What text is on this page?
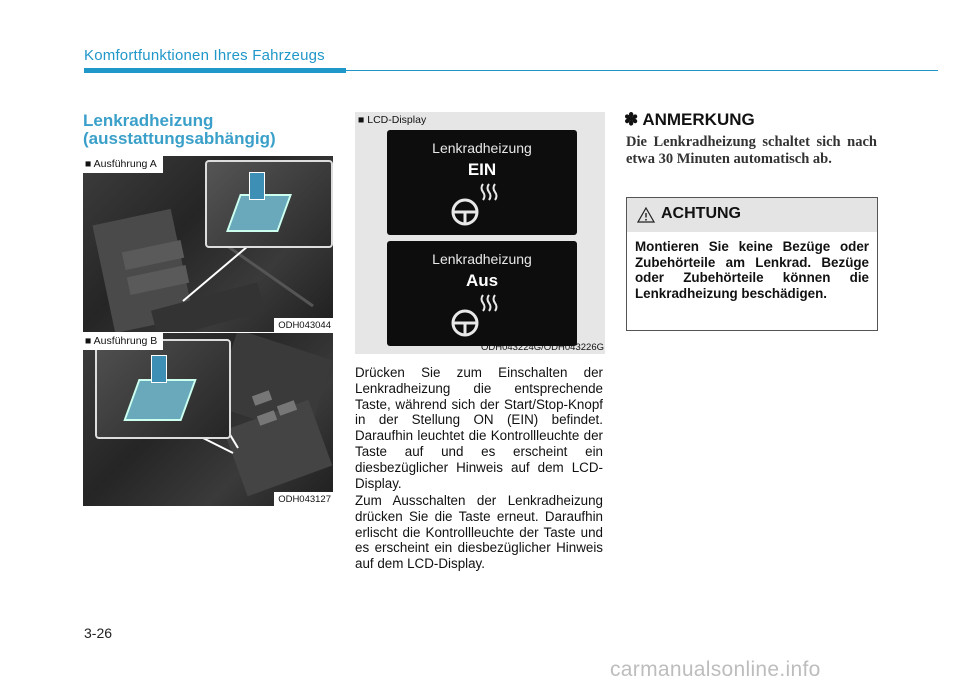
Komfortfunktionen Ihres Fahrzeugs
Lenkradheizung
(ausstattungsabhängig)
■ Ausführung A
ODH043044
■ Ausführung B
ODH043127
■ LCD-Display
Lenkradheizung
EIN
Lenkradheizung
Aus
ODH043224G/ODH043226G
Drücken Sie zum Einschalten der Lenkradheizung die entsprechende Taste, während sich der Start/Stop-Knopf in der Stellung ON (EIN) befindet. Daraufhin leuchtet die Kontrollleuchte der Taste auf und es erscheint ein diesbezüglicher Hinweis auf dem LCD-Display.
Zum Ausschalten der Lenkradheizung drücken Sie die Taste erneut. Daraufhin erlischt die Kontrollleuchte der Taste und es erscheint ein diesbezüglicher Hinweis auf dem LCD-Display.
✽ ANMERKUNG
Die Lenkradheizung schaltet sich nach etwa 30 Minuten automatisch ab.
ACHTUNG
Montieren Sie keine Bezüge oder Zubehörteile am Lenkrad. Bezüge oder Zubehörteile können die Lenkradheizung beschädigen.
3-26
carmanualsonline.info
